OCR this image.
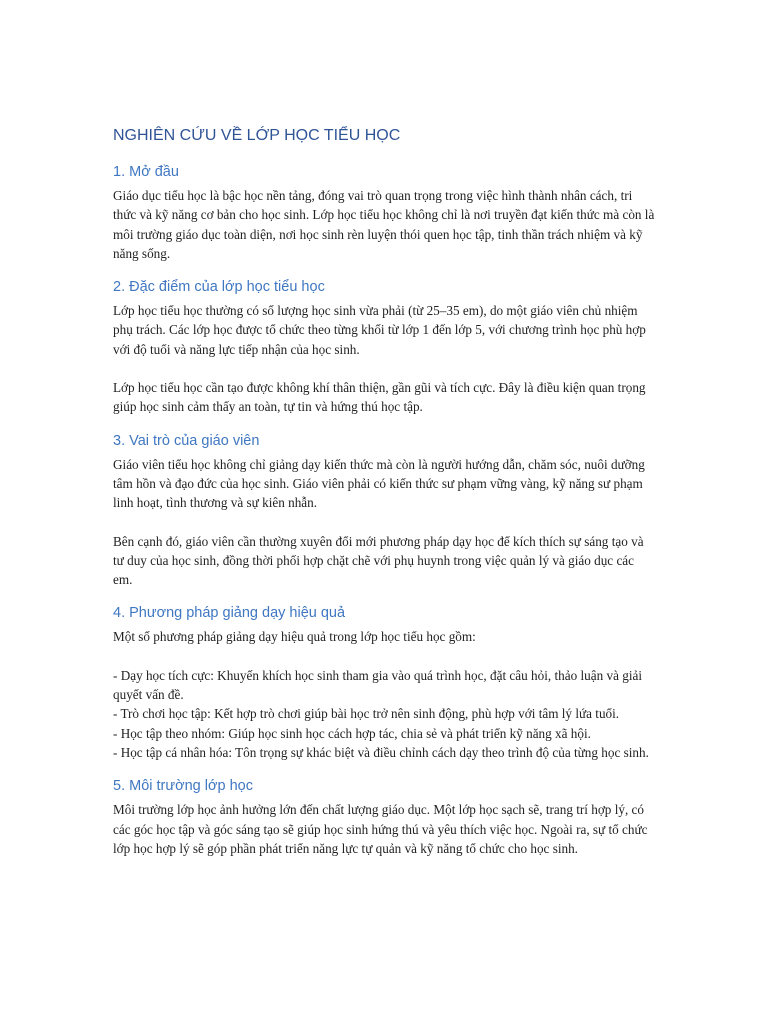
NGHIÊN CỨU VỀ LỚP HỌC TIỂU HỌC
1. Mở đầu

Giáo dục tiểu học là bậc học nền tảng, đóng vai trò quan trọng trong việc hình thành nhân cách, tri thức và kỹ năng cơ bản cho học sinh. Lớp học tiểu học không chỉ là nơi truyền đạt kiến thức mà còn là môi trường giáo dục toàn diện, nơi học sinh rèn luyện thói quen học tập, tinh thần trách nhiệm và kỹ năng sống.

2. Đặc điểm của lớp học tiểu học

Lớp học tiểu học thường có số lượng học sinh vừa phải (từ 25–35 em), do một giáo viên chủ nhiệm phụ trách. Các lớp học được tổ chức theo từng khối từ lớp 1 đến lớp 5, với chương trình học phù hợp với độ tuổi và năng lực tiếp nhận của học sinh.

Lớp học tiểu học cần tạo được không khí thân thiện, gần gũi và tích cực. Đây là điều kiện quan trọng giúp học sinh cảm thấy an toàn, tự tin và hứng thú học tập.

3. Vai trò của giáo viên

Giáo viên tiểu học không chỉ giảng dạy kiến thức mà còn là người hướng dẫn, chăm sóc, nuôi dưỡng tâm hồn và đạo đức của học sinh. Giáo viên phải có kiến thức sư phạm vững vàng, kỹ năng sư phạm linh hoạt, tình thương và sự kiên nhẫn.

Bên cạnh đó, giáo viên cần thường xuyên đổi mới phương pháp dạy học để kích thích sự sáng tạo và tư duy của học sinh, đồng thời phối hợp chặt chẽ với phụ huynh trong việc quản lý và giáo dục các em.

4. Phương pháp giảng dạy hiệu quả

Một số phương pháp giảng dạy hiệu quả trong lớp học tiểu học gồm:

- Dạy học tích cực: Khuyến khích học sinh tham gia vào quá trình học, đặt câu hỏi, thảo luận và giải quyết vấn đề.
- Trò chơi học tập: Kết hợp trò chơi giúp bài học trở nên sinh động, phù hợp với tâm lý lứa tuổi.
- Học tập theo nhóm: Giúp học sinh học cách hợp tác, chia sẻ và phát triển kỹ năng xã hội.
- Học tập cá nhân hóa: Tôn trọng sự khác biệt và điều chỉnh cách dạy theo trình độ của từng học sinh.
5. Môi trường lớp học

Môi trường lớp học ảnh hưởng lớn đến chất lượng giáo dục. Một lớp học sạch sẽ, trang trí hợp lý, có các góc học tập và góc sáng tạo sẽ giúp học sinh hứng thú và yêu thích việc học. Ngoài ra, sự tổ chức lớp học hợp lý sẽ góp phần phát triển năng lực tự quản và kỹ năng tổ chức cho học sinh.
